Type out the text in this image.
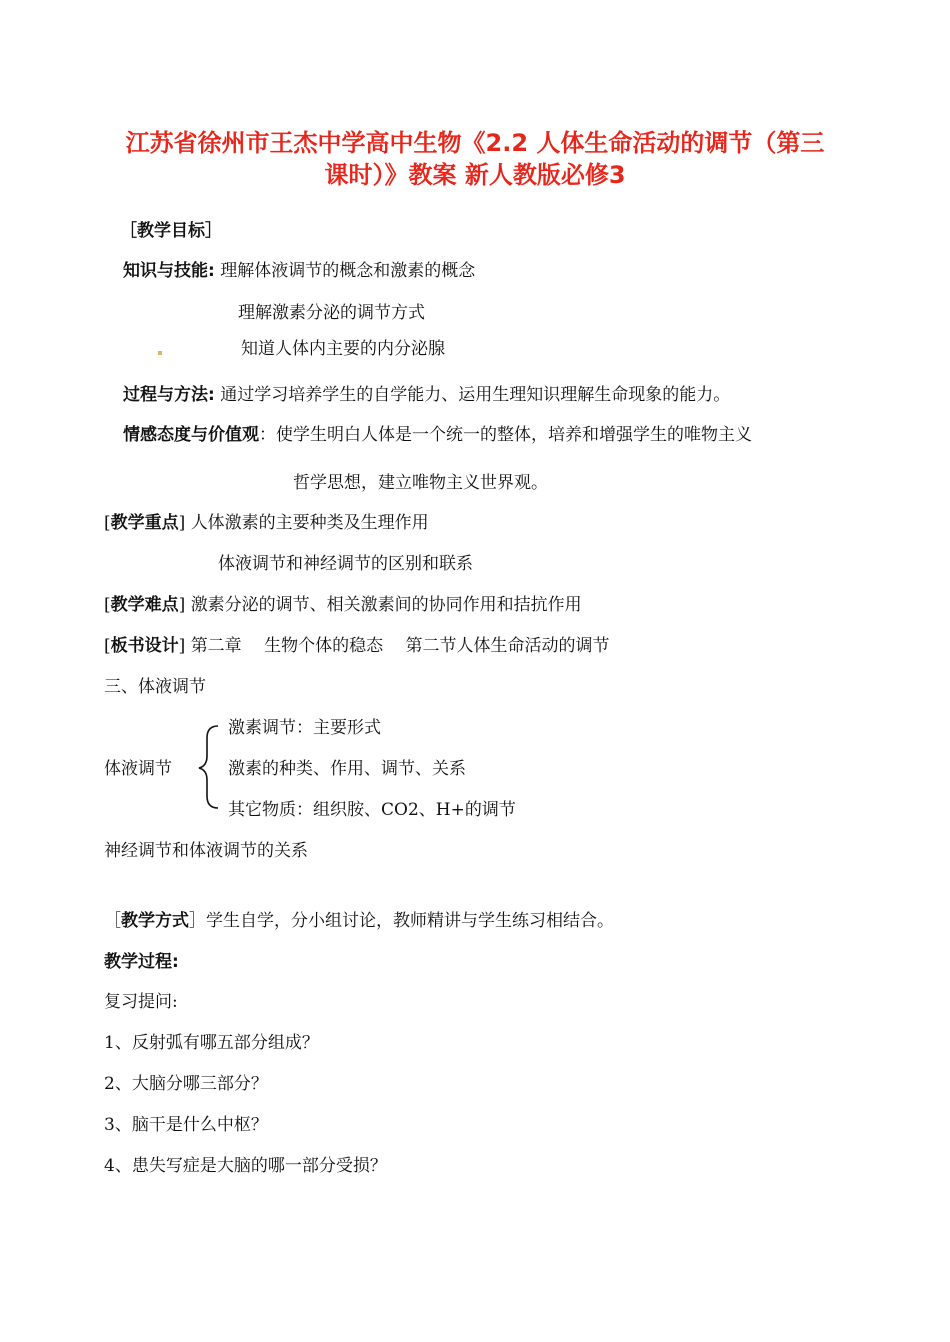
江苏省徐州市王杰中学高中生物《2.2 人体生命活动的调节（第三
课时）》教案 新人教版必修3
［教学目标］
知识与技能: 理解体液调节的概念和激素的概念
理解激素分泌的调节方式
知道人体内主要的内分泌腺
过程与方法: 通过学习培养学生的自学能力、运用生理知识理解生命现象的能力。
情感态度与价值观：使学生明白人体是一个统一的整体，培养和增强学生的唯物主义
哲学思想，建立唯物主义世界观。
[教学重点] 人体激素的主要种类及生理作用
体液调节和神经调节的区别和联系
[教学难点] 激素分泌的调节、相关激素间的协同作用和拮抗作用
[板书设计] 第二章　 生物个体的稳态　 第二节人体生命活动的调节
三、体液调节
体液调节
激素调节：主要形式
激素的种类、作用、调节、关系
其它物质：组织胺、CO2、H+的调节
神经调节和体液调节的关系
［教学方式］学生自学，分小组讨论，教师精讲与学生练习相结合。
教学过程:
复习提问:
1、反射弧有哪五部分组成？
2、大脑分哪三部分？
3、脑干是什么中枢？
4、患失写症是大脑的哪一部分受损？
